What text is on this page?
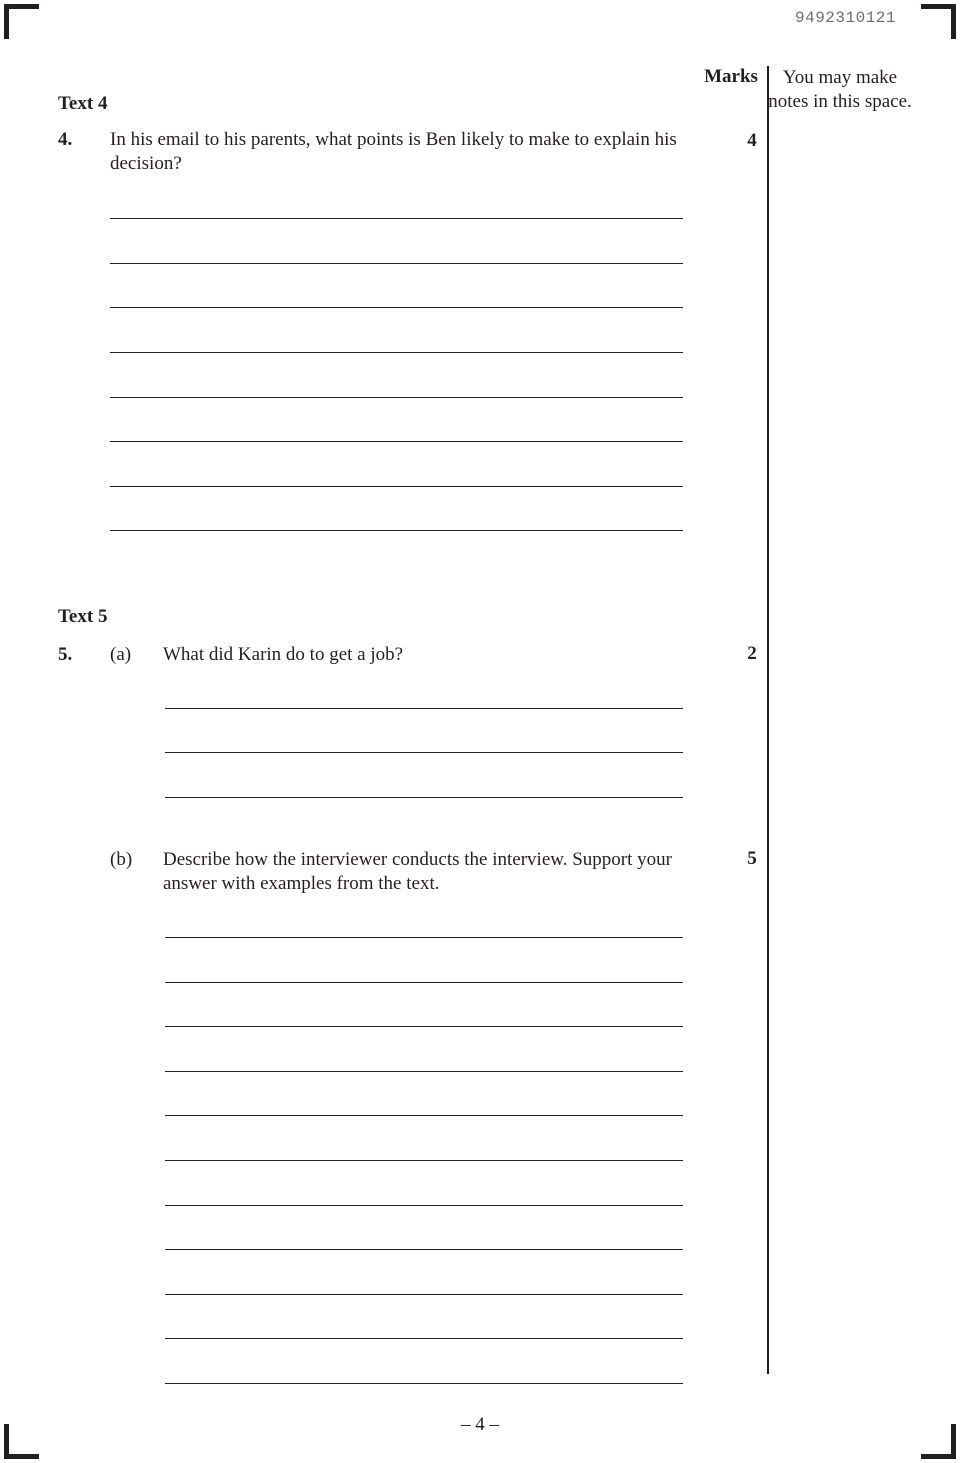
9492310121
Marks	You may make notes in this space.
Text 4
4. In his email to his parents, what points is Ben likely to make to explain his decision?
4
Text 5
5. (a) What did Karin do to get a job?	2
(b) Describe how the interviewer conducts the interview. Support your answer with examples from the text.
5
– 4 –
